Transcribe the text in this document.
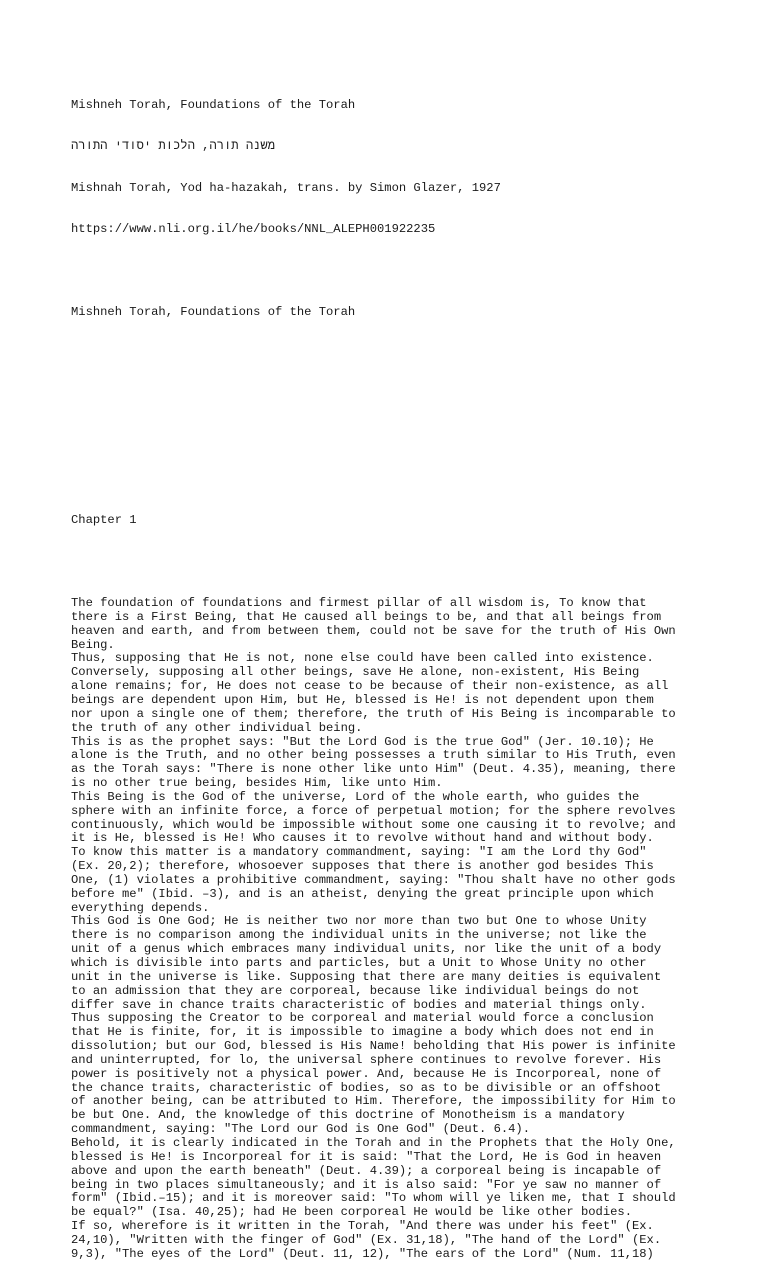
Mishneh Torah, Foundations of the Torah

משנה תורה, הלכות יסודי התורה

Mishnah Torah, Yod ha-hazakah, trans. by Simon Glazer, 1927

https://www.nli.org.il/he/books/NNL_ALEPH001922235

Mishneh Torah, Foundations of the Torah

Chapter 1

The foundation of foundations and firmest pillar of all wisdom is, To know that
there is a First Being, that He caused all beings to be, and that all beings from
heaven and earth, and from between them, could not be save for the truth of His Own
Being.
Thus, supposing that He is not, none else could have been called into existence.
Conversely, supposing all other beings, save He alone, non-existent, His Being
alone remains; for, He does not cease to be because of their non-existence, as all
beings are dependent upon Him, but He, blessed is He! is not dependent upon them
nor upon a single one of them; therefore, the truth of His Being is incomparable to
the truth of any other individual being.
This is as the prophet says: "But the Lord God is the true God" (Jer. 10.10); He
alone is the Truth, and no other being possesses a truth similar to His Truth, even
as the Torah says: "There is none other like unto Him" (Deut. 4.35), meaning, there
is no other true being, besides Him, like unto Him.
This Being is the God of the universe, Lord of the whole earth, who guides the
sphere with an infinite force, a force of perpetual motion; for the sphere revolves
continuously, which would be impossible without some one causing it to revolve; and
it is He, blessed is He! Who causes it to revolve without hand and without body.
To know this matter is a mandatory commandment, saying: "I am the Lord thy God"
(Ex. 20,2); therefore, whosoever supposes that there is another god besides This
One, (1) violates a prohibitive commandment, saying: "Thou shalt have no other gods
before me" (Ibid. –3), and is an atheist, denying the great principle upon which
everything depends.
This God is One God; He is neither two nor more than two but One to whose Unity
there is no comparison among the individual units in the universe; not like the
unit of a genus which embraces many individual units, nor like the unit of a body
which is divisible into parts and particles, but a Unit to Whose Unity no other
unit in the universe is like. Supposing that there are many deities is equivalent
to an admission that they are corporeal, because like individual beings do not
differ save in chance traits characteristic of bodies and material things only.
Thus supposing the Creator to be corporeal and material would force a conclusion
that He is finite, for, it is impossible to imagine a body which does not end in
dissolution; but our God, blessed is His Name! beholding that His power is infinite
and uninterrupted, for lo, the universal sphere continues to revolve forever. His
power is positively not a physical power. And, because He is Incorporeal, none of
the chance traits, characteristic of bodies, so as to be divisible or an offshoot
of another being, can be attributed to Him. Therefore, the impossibility for Him to
be but One. And, the knowledge of this doctrine of Monotheism is a mandatory
commandment, saying: "The Lord our God is One God" (Deut. 6.4).
Behold, it is clearly indicated in the Torah and in the Prophets that the Holy One,
blessed is He! is Incorporeal for it is said: "That the Lord, He is God in heaven
above and upon the earth beneath" (Deut. 4.39); a corporeal being is incapable of
being in two places simultaneously; and it is also said: "For ye saw no manner of
form" (Ibid.–15); and it is moreover said: "To whom will ye liken me, that I should
be equal?" (Isa. 40,25); had He been corporeal He would be like other bodies.
If so, wherefore is it written in the Torah, "And there was under his feet" (Ex.
24,10), "Written with the finger of God" (Ex. 31,18), "The hand of the Lord" (Ex.
9,3), "The eyes of the Lord" (Deut. 11, 12), "The ears of the Lord" (Num. 11,18)
